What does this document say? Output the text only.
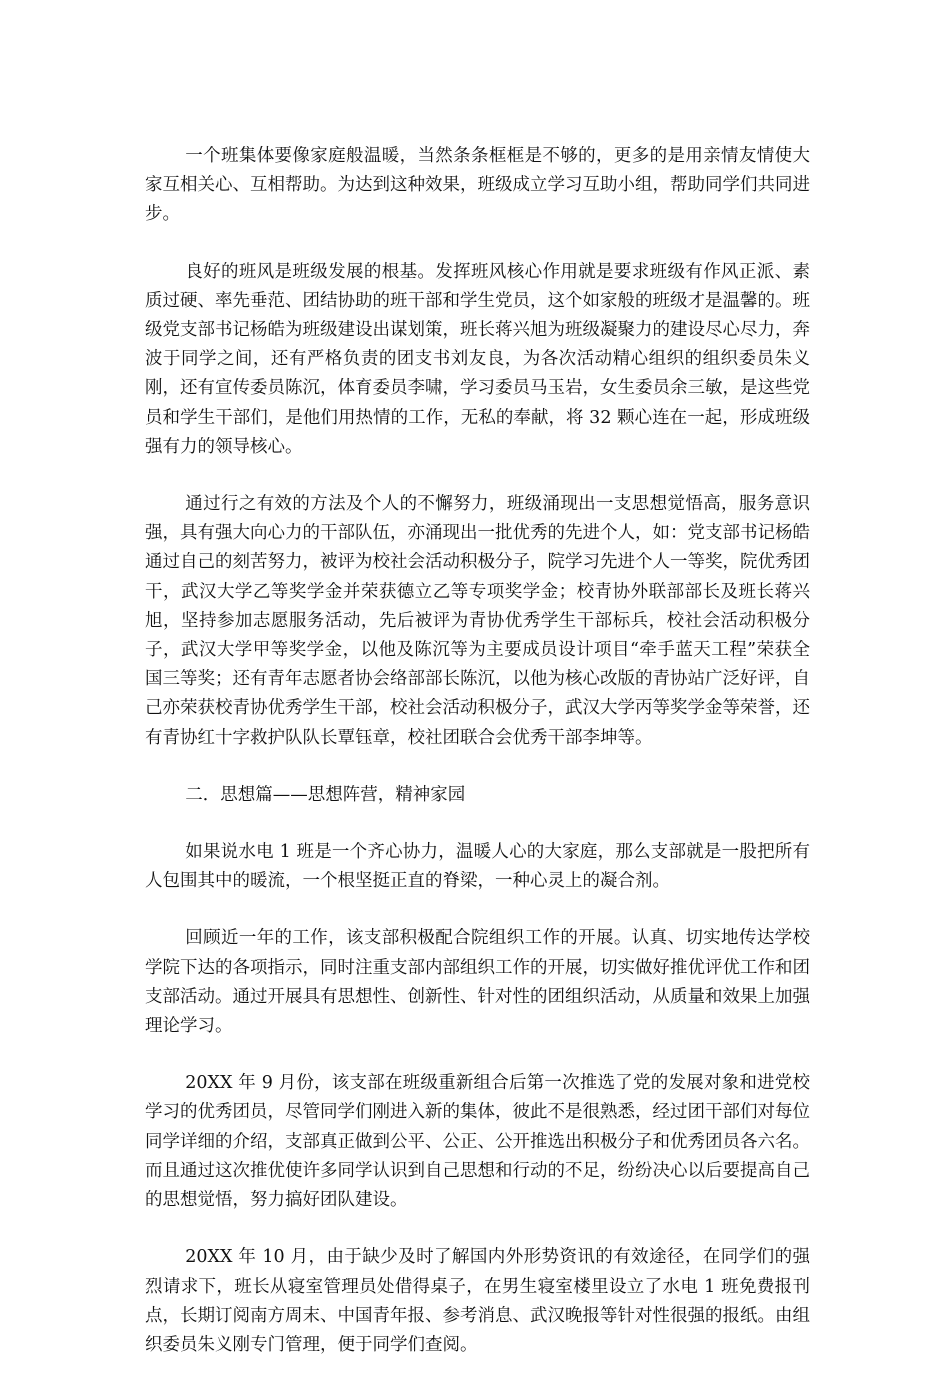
一个班集体要像家庭般温暖，当然条条框框是不够的，更多的是用亲情友情使大家互相关心、互相帮助。为达到这种效果，班级成立学习互助小组，帮助同学们共同进步。

良好的班风是班级发展的根基。发挥班风核心作用就是要求班级有作风正派、素质过硬、率先垂范、团结协助的班干部和学生党员，这个如家般的班级才是温馨的。班级党支部书记杨皓为班级建设出谋划策，班长蒋兴旭为班级凝聚力的建设尽心尽力，奔波于同学之间，还有严格负责的团支书刘友良，为各次活动精心组织的组织委员朱义刚，还有宣传委员陈沉，体育委员李啸，学习委员马玉岩，女生委员余三敏，是这些党员和学生干部们，是他们用热情的工作，无私的奉献，将 32 颗心连在一起，形成班级强有力的领导核心。

通过行之有效的方法及个人的不懈努力，班级涌现出一支思想觉悟高，服务意识强，具有强大向心力的干部队伍，亦涌现出一批优秀的先进个人，如：党支部书记杨皓通过自己的刻苦努力，被评为校社会活动积极分子，院学习先进个人一等奖，院优秀团干，武汉大学乙等奖学金并荣获德立乙等专项奖学金；校青协外联部部长及班长蒋兴旭，坚持参加志愿服务活动，先后被评为青协优秀学生干部标兵，校社会活动积极分子，武汉大学甲等奖学金，以他及陈沉等为主要成员设计项目“牵手蓝天工程”荣获全国三等奖；还有青年志愿者协会络部部长陈沉，以他为核心改版的青协站广泛好评，自己亦荣获校青协优秀学生干部，校社会活动积极分子，武汉大学丙等奖学金等荣誉，还有青协红十字救护队队长覃钰章，校社团联合会优秀干部李坤等。

二．思想篇——思想阵营，精神家园

如果说水电 1 班是一个齐心协力，温暖人心的大家庭，那么支部就是一股把所有人包围其中的暖流，一个根坚挺正直的脊梁，一种心灵上的凝合剂。

回顾近一年的工作，该支部积极配合院组织工作的开展。认真、切实地传达学校学院下达的各项指示，同时注重支部内部组织工作的开展，切实做好推优评优工作和团支部活动。通过开展具有思想性、创新性、针对性的团组织活动，从质量和效果上加强理论学习。

20XX 年 9 月份，该支部在班级重新组合后第一次推选了党的发展对象和进党校学习的优秀团员，尽管同学们刚进入新的集体，彼此不是很熟悉，经过团干部们对每位同学详细的介绍，支部真正做到公平、公正、公开推选出积极分子和优秀团员各六名。而且通过这次推优使许多同学认识到自己思想和行动的不足，纷纷决心以后要提高自己的思想觉悟，努力搞好团队建设。

20XX 年 10 月，由于缺少及时了解国内外形势资讯的有效途径，在同学们的强烈请求下，班长从寝室管理员处借得桌子，在男生寝室楼里设立了水电 1 班免费报刊点，长期订阅南方周末、中国青年报、参考消息、武汉晚报等针对性很强的报纸。由组织委员朱义刚专门管理，便于同学们查阅。
